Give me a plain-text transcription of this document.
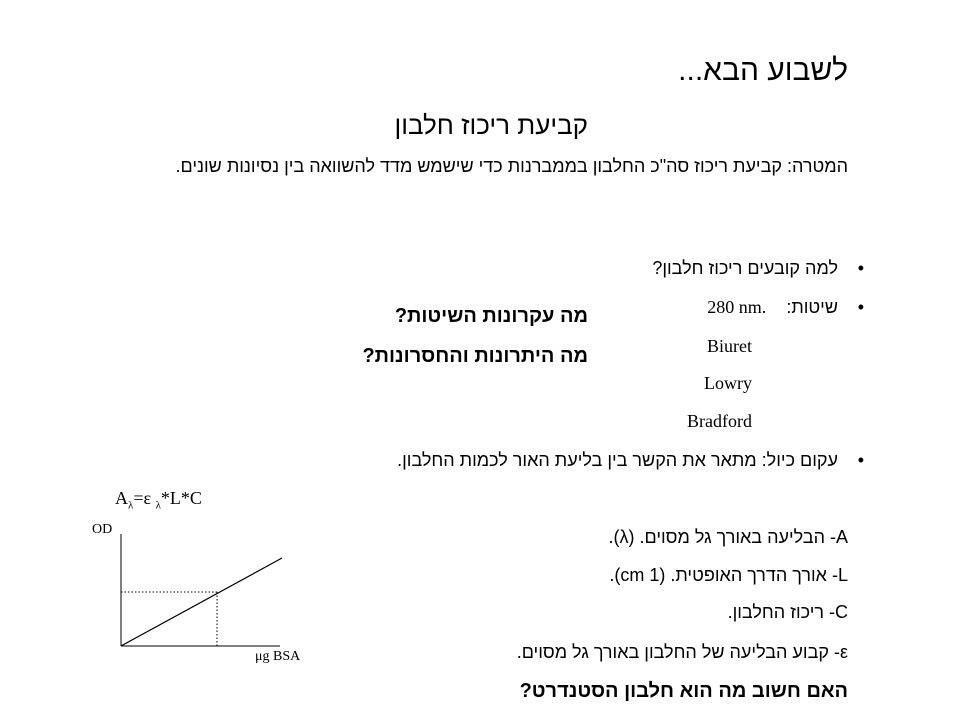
לשבוע הבא...
קביעת ריכוז חלבון
המטרה: קביעת ריכוז סה"כ החלבון בממברנות כדי שישמש מדד להשוואה בין נסיונות שונים.
•למה קובעים ריכוז חלבון?
•שיטות:280 nm.
Biuret
Lowry
Bradford
מה עקרונות השיטות?
מה היתרונות והחסרונות?
•עקום כיול: מתאר את הקשר בין בליעת האור לכמות החלבון.
$A_\lambda=\varepsilon$ $_\lambda$*L*C
OD
μg BSA
A- הבליעה באורך גל מסוים. (λ).
L- אורך הדרך האופטית. (1 cm).
C- ריכוז החלבון.
ε- קבוע הבליעה של החלבון באורך גל מסוים.
האם חשוב מה הוא חלבון הסטנדרט?
